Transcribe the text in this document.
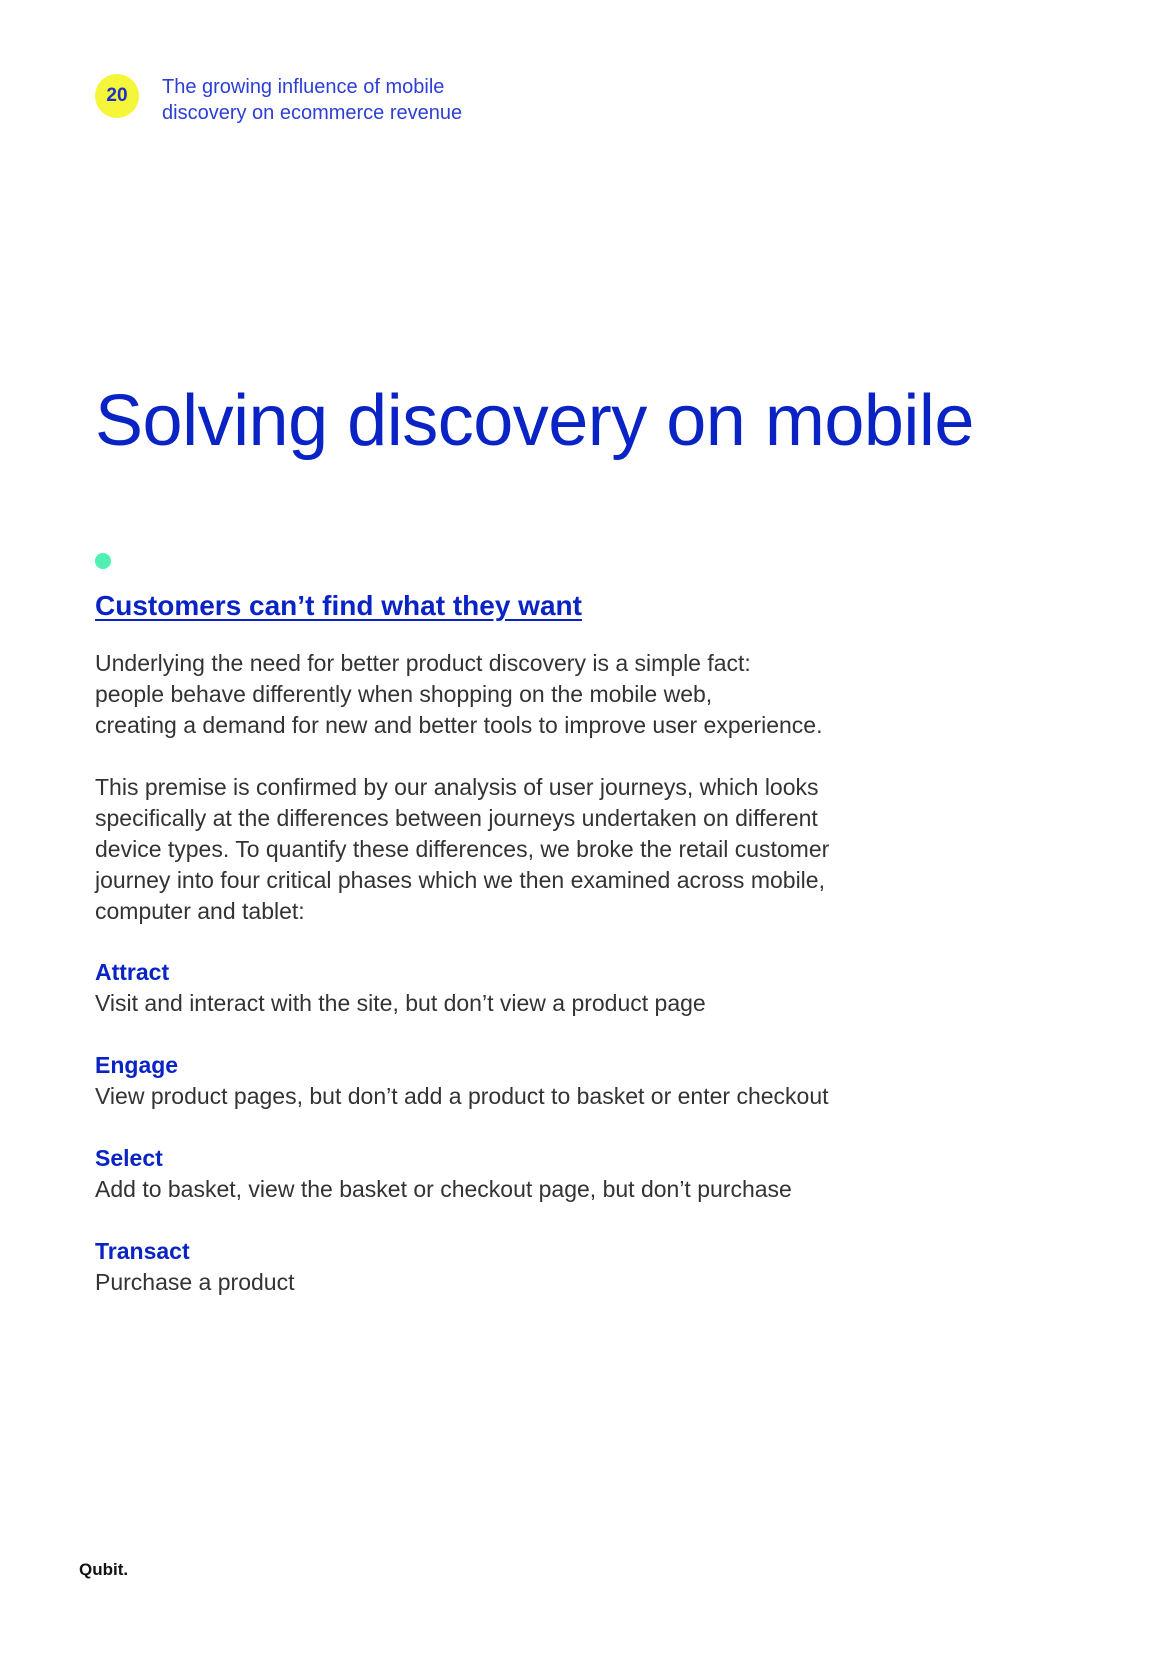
20 The growing influence of mobile
discovery on ecommerce revenue
Solving discovery on mobile
Customers can’t find what they want
Underlying the need for better product discovery is a simple fact:
people behave differently when shopping on the mobile web,
creating a demand for new and better tools to improve user experience.
This premise is confirmed by our analysis of user journeys, which looks
specifically at the differences between journeys undertaken on different
device types. To quantify these differences, we broke the retail customer
journey into four critical phases which we then examined across mobile,
computer and tablet:
Attract
Visit and interact with the site, but don’t view a product page
Engage
View product pages, but don’t add a product to basket or enter checkout
Select
Add to basket, view the basket or checkout page, but don’t purchase
Transact
Purchase a product
Qubit.
